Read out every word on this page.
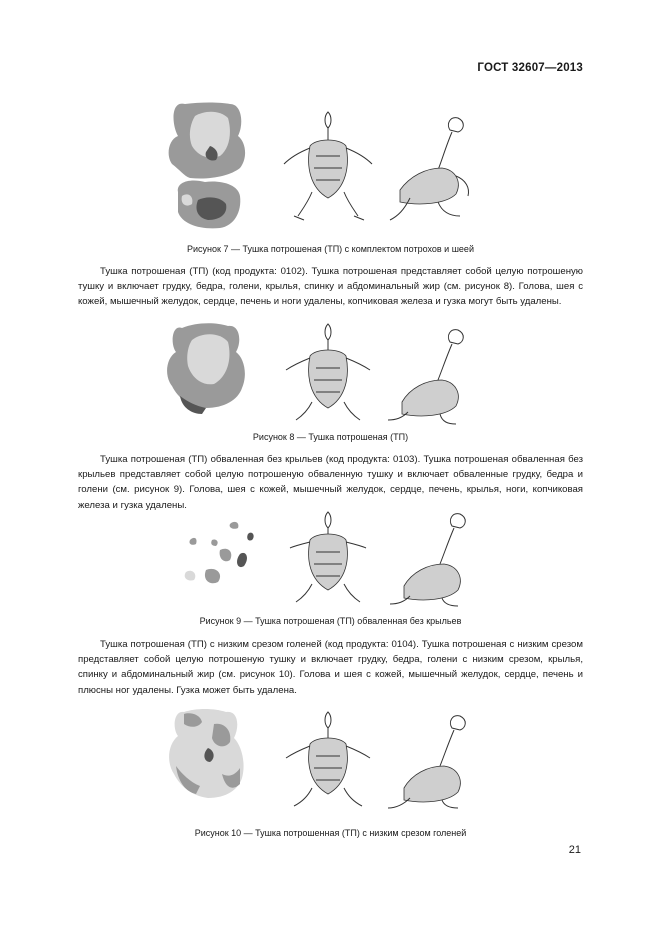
ГОСТ 32607—2013
Рисунок 7 — Тушка потрошеная (ТП) с комплектом потрохов и шеей
Тушка потрошеная (ТП) (код продукта: 0102). Тушка потрошеная представляет собой целую потрошеную тушку и включает грудку, бедра, голени, крылья, спинку и абдоминальный жир (см. рисунок 8). Голова, шея с кожей, мышечный желудок, сердце, печень и ноги удалены, копчиковая железа и гузка могут быть удалены.
Рисунок 8 — Тушка потрошеная (ТП)
Тушка потрошеная (ТП) обваленная без крыльев (код продукта: 0103). Тушка потрошеная обваленная без крыльев представляет собой целую потрошеную обваленную тушку и включает обваленные грудку, бедра и голени (см. рисунок 9). Голова, шея с кожей, мышечный желудок, сердце, печень, крылья, ноги, копчиковая железа и гузка удалены.
Рисунок 9 — Тушка потрошеная (ТП) обваленная без крыльев
Тушка потрошеная (ТП) с низким срезом голеней (код продукта: 0104). Тушка потрошеная с низким срезом представляет собой целую потрошеную тушку и включает грудку, бедра, голени с низким срезом, крылья, спинку и абдоминальный жир (см. рисунок 10). Голова и шея с кожей, мышечный желудок, сердце, печень и плюсны ног удалены. Гузка может быть удалена.
Рисунок 10 — Тушка потрошенная (ТП) с низким срезом голеней
21
